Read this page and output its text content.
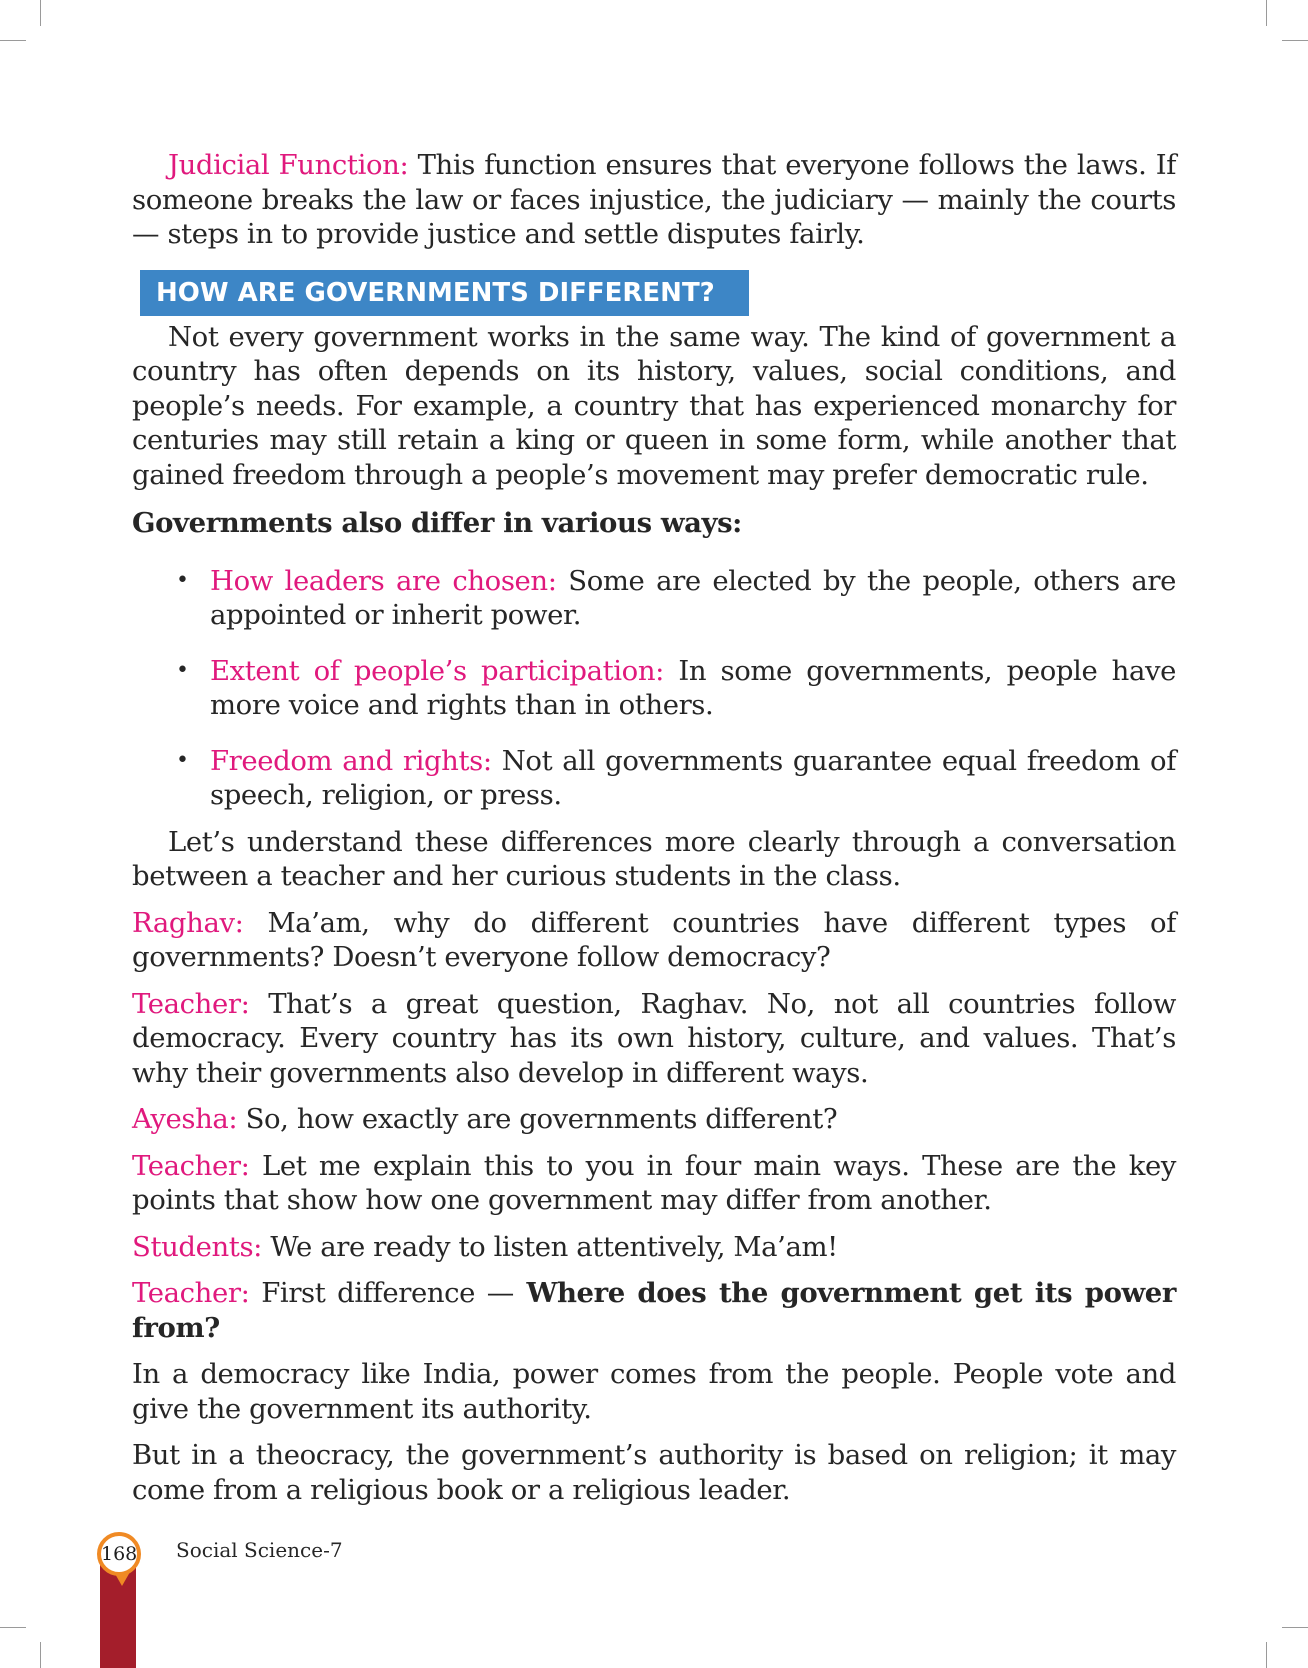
Judicial Function: This function ensures that everyone follows the laws. If someone breaks the law or faces injustice, the judiciary — mainly the courts — steps in to provide justice and settle disputes fairly.

HOW ARE GOVERNMENTS DIFFERENT?

Not every government works in the same way. The kind of government a country has often depends on its history, values, social conditions, and people’s needs. For example, a country that has experienced monarchy for centuries may still retain a king or queen in some form, while another that gained freedom through a people’s movement may prefer democratic rule.

Governments also differ in various ways:

• How leaders are chosen: Some are elected by the people, others are appointed or inherit power.
• Extent of people’s participation: In some governments, people have more voice and rights than in others.
• Freedom and rights: Not all governments guarantee equal freedom of speech, religion, or press.

Let’s understand these differences more clearly through a conversation between a teacher and her curious students in the class.

Raghav: Ma’am, why do different countries have different types of governments? Doesn’t everyone follow democracy?

Teacher: That’s a great question, Raghav. No, not all countries follow democracy. Every country has its own history, culture, and values. That’s why their governments also develop in different ways.

Ayesha: So, how exactly are governments different?

Teacher: Let me explain this to you in four main ways. These are the key points that show how one government may differ from another.

Students: We are ready to listen attentively, Ma’am!

Teacher: First difference — Where does the government get its power from?

In a democracy like India, power comes from the people. People vote and give the government its authority.

But in a theocracy, the government’s authority is based on religion; it may come from a religious book or a religious leader.

168 Social Science-7
